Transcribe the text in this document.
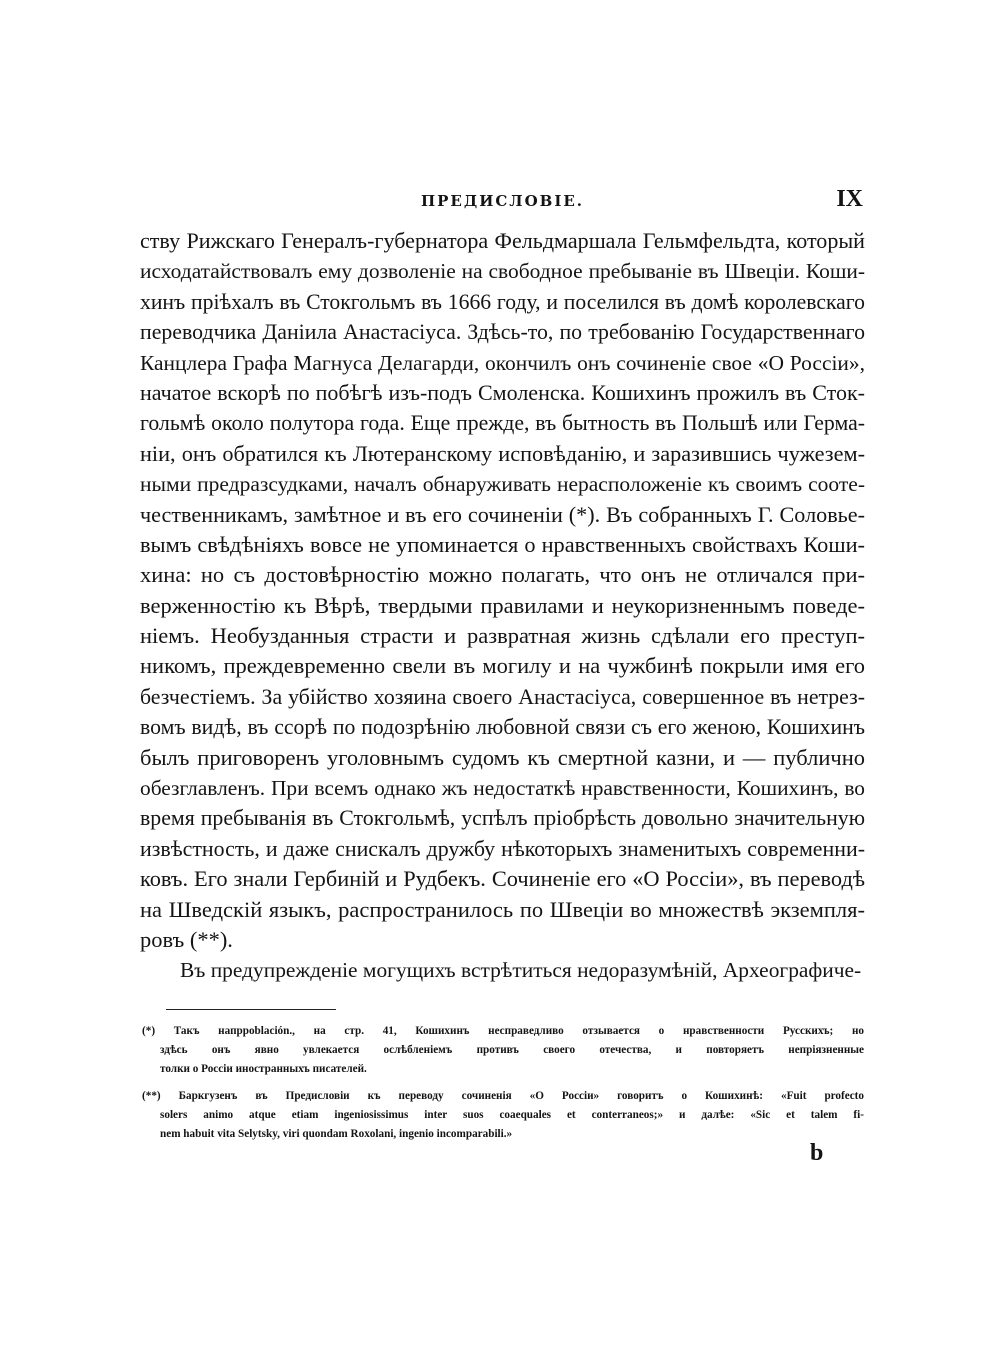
ПРЕДИСЛОВІЕ.	IX
ству Рижскаго Генералъ-губернатора Фельдмаршала Гельмфельдта, который
исходатайствовалъ ему дозволеніе на свободное пребываніе въ Швеціи. Коши-
хинъ пріѣхалъ въ Стокгольмъ въ 1666 году, и поселился въ домѣ королевскаго
переводчика Даніила Анастасіуса. Здѣсь-то, по требованію Государственнаго
Канцлера Графа Магнуса Делагарди, окончилъ онъ сочиненіе свое «О Россіи»,
начатое вскорѣ по побѣгѣ изъ-подъ Смоленска. Кошихинъ прожилъ въ Сток-
гольмѣ около полутора года. Еще прежде, въ бытность въ Польшѣ или Герма-
ніи, онъ обратился къ Лютеранскому исповѣданію, и заразившись чужезем-
ными предразсудками, началъ обнаруживать нерасположеніе къ своимъ сооте-
чественникамъ, замѣтное и въ его сочиненіи (*). Въ собранныхъ Г. Соловье-
вымъ свѣдѣніяхъ вовсе не упоминается о нравственныхъ свойствахъ Коши-
хина: но съ достовѣрностію можно полагать, что онъ не отличался при-
верженностію къ Вѣрѣ, твердыми правилами и неукоризненнымъ поведе-
ніемъ. Необузданныя страсти и развратная жизнь сдѣлали его преступ-
никомъ, преждевременно свели въ могилу и на чужбинѣ покрыли имя его
безчестіемъ. За убійство хозяина своего Анастасіуса, совершенное въ нетрез-
вомъ видѣ, въ ссорѣ по подозрѣнію любовной связи съ его женою, Кошихинъ
былъ приговоренъ уголовнымъ судомъ къ смертной казни, и — публично
обезглавленъ. При всемъ однако жъ недостаткѣ нравственности, Кошихинъ, во
время пребыванія въ Стокгольмѣ, успѣлъ пріобрѣсть довольно значительную
извѣстность, и даже снискалъ дружбу нѣкоторыхъ знаменитыхъ современни-
ковъ. Его знали Гербиній и Рудбекъ. Сочиненіе его «О Россіи», въ переводѣ
на Шведскій языкъ, распространилось по Швеціи во множествѣ экземпля-
ровъ (**).
Въ предупрежденіе могущихъ встрѣтиться недоразумѣній, Археографиче-
(*) Такъ напрpoblación., на стр. 41, Кошихинъ несправедливо отзывается о нравственности Русскихъ; но
здѣсь онъ явно увлекается ослѣбленіемъ противъ своего отечества, и повторяетъ непріязненные
толки о Россіи иностранныхъ писателей.
(**) Баркгузенъ въ Предисловіи къ переводу сочиненія «О Россіи» говоритъ о Кошихинѣ: «Fuit profecto
solers animo atque etiam ingeniosissimus inter suos coaequales et conterraneos;» и далѣе: «Sic et talem fi-
nem habuit vita Selytsky, viri quondam Roxolani, ingenio incomparabili.»
b
